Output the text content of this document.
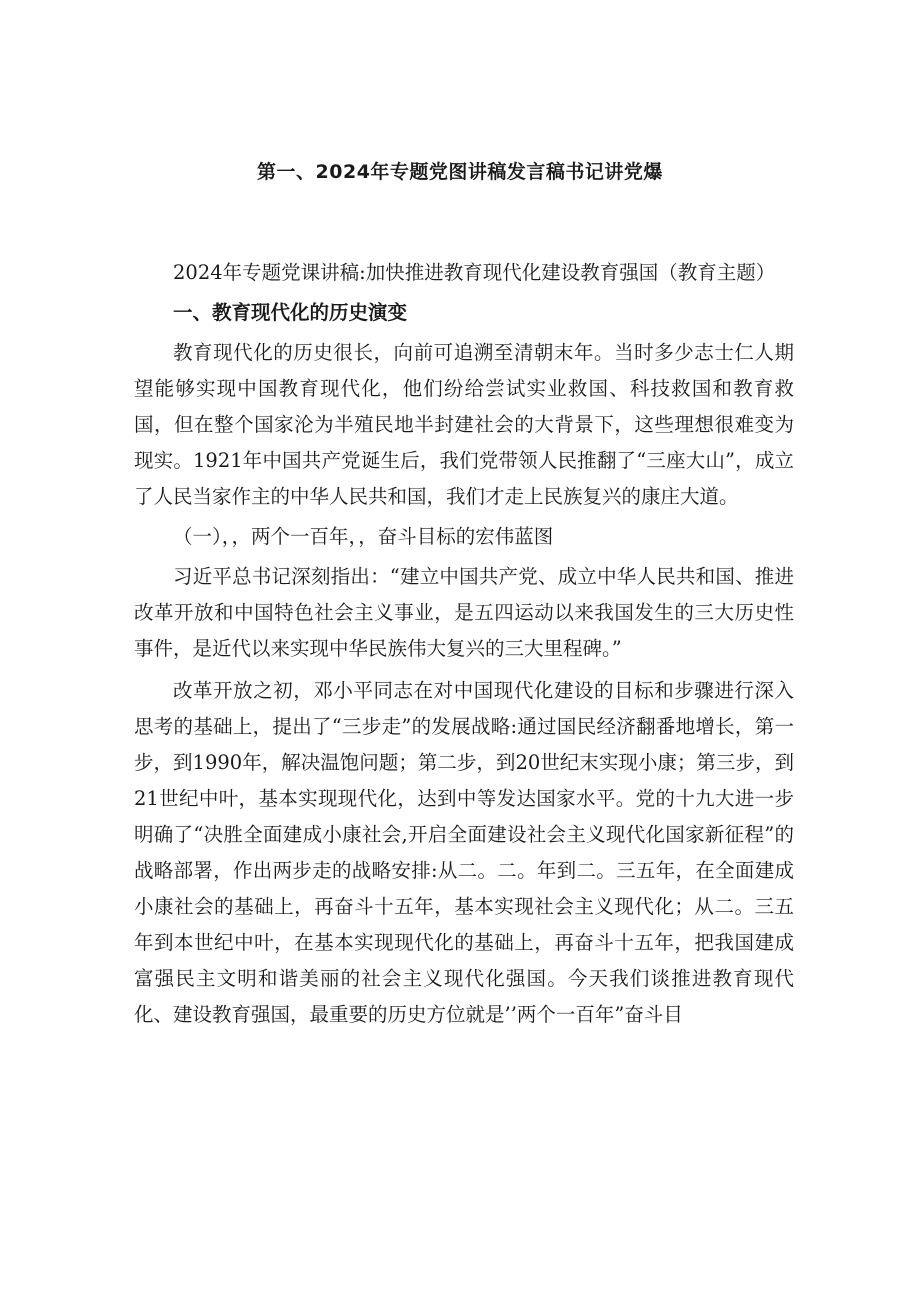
第一、2024年专题党图讲稿发言稿书记讲党爆

2024年专题党课讲稿:加快推进教育现代化建设教育强国（教育主题）

一、教育现代化的历史演变

教育现代化的历史很长，向前可追溯至清朝末年。当时多少志士仁人期望能够实现中国教育现代化，他们纷给尝试实业救国、科技救国和教育救国，但在整个国家沦为半殖民地半封建社会的大背景下，这些理想很难变为现实。1921年中国共产党诞生后，我们党带领人民推翻了“三座大山”，成立了人民当家作主的中华人民共和国，我们才走上民族复兴的康庄大道。

（一），，两个一百年，，奋斗目标的宏伟蓝图

习近平总书记深刻指出：“建立中国共产党、成立中华人民共和国、推进改革开放和中国特色社会主义事业，是五四运动以来我国发生的三大历史性事件，是近代以来实现中华民族伟大复兴的三大里程碑。”

改革开放之初，邓小平同志在对中国现代化建设的目标和步骤进行深入思考的基础上，提出了“三步走”的发展战略:通过国民经济翻番地增长，第一步，到1990年，解决温饱问题；第二步，到20世纪末实现小康；第三步，到21世纪中叶，基本实现现代化，达到中等发达国家水平。党的十九大进一步明确了“决胜全面建成小康社会,开启全面建设社会主义现代化国家新征程”的战略部署，作出两步走的战略安排:从二。二。年到二。三五年，在全面建成小康社会的基础上，再奋斗十五年，基本实现社会主义现代化；从二。三五年到本世纪中叶，在基本实现现代化的基础上，再奋斗十五年，把我国建成富强民主文明和谐美丽的社会主义现代化强国。今天我们谈推进教育现代化、建设教育强国，最重要的历史方位就是’’两个一百年”奋斗目
